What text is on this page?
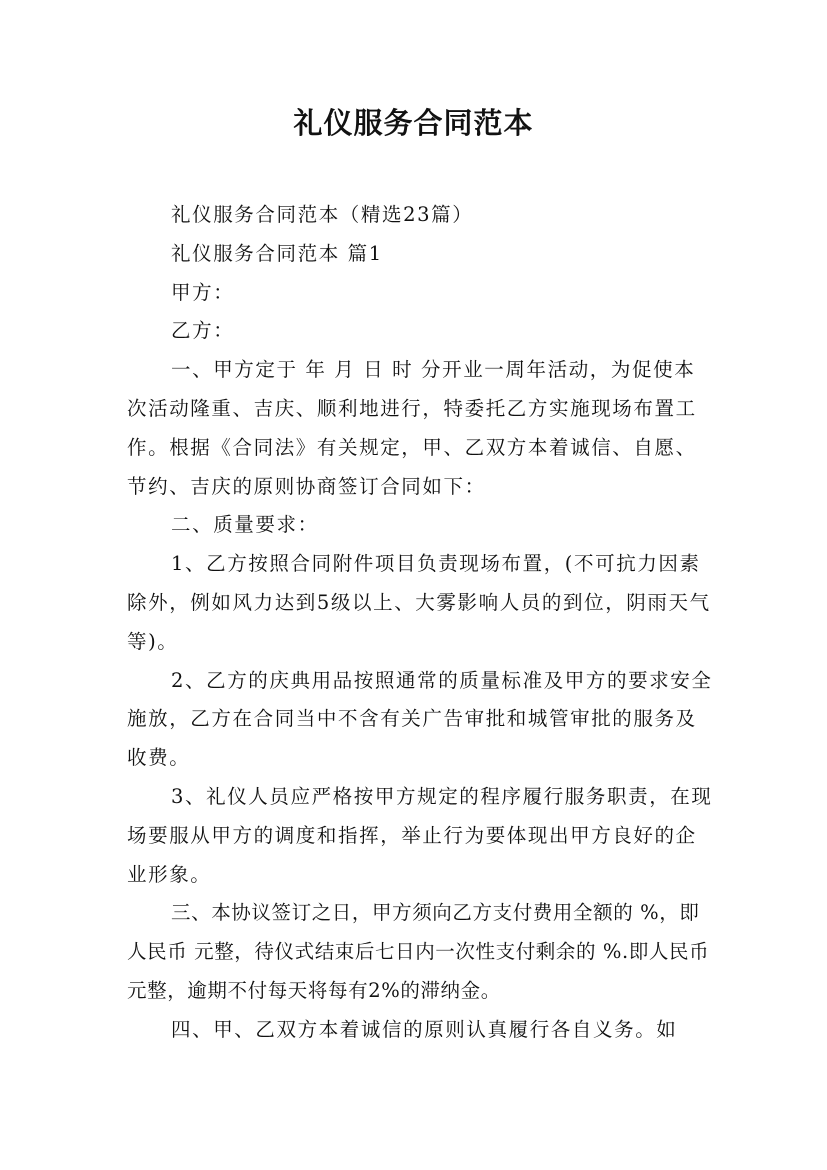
礼仪服务合同范本

礼仪服务合同范本（精选23篇）

礼仪服务合同范本 篇1

甲方：

乙方：

一、甲方定于 年 月 日 时 分开业一周年活动，为促使本次活动隆重、吉庆、顺利地进行，特委托乙方实施现场布置工作。根据《合同法》有关规定，甲、乙双方本着诚信、自愿、节约、吉庆的原则协商签订合同如下：

二、质量要求：

1、乙方按照合同附件项目负责现场布置，(不可抗力因素除外，例如风力达到5级以上、大雾影响人员的到位，阴雨天气等)。

2、乙方的庆典用品按照通常的质量标准及甲方的要求安全施放，乙方在合同当中不含有关广告审批和城管审批的服务及收费。

3、礼仪人员应严格按甲方规定的程序履行服务职责，在现场要服从甲方的调度和指挥，举止行为要体现出甲方良好的企业形象。

三、本协议签订之日，甲方须向乙方支付费用全额的 %，即人民币 元整，待仪式结束后七日内一次性支付剩余的 %.即人民币 元整，逾期不付每天将每有2%的滞纳金。

四、甲、乙双方本着诚信的原则认真履行各自义务。如
